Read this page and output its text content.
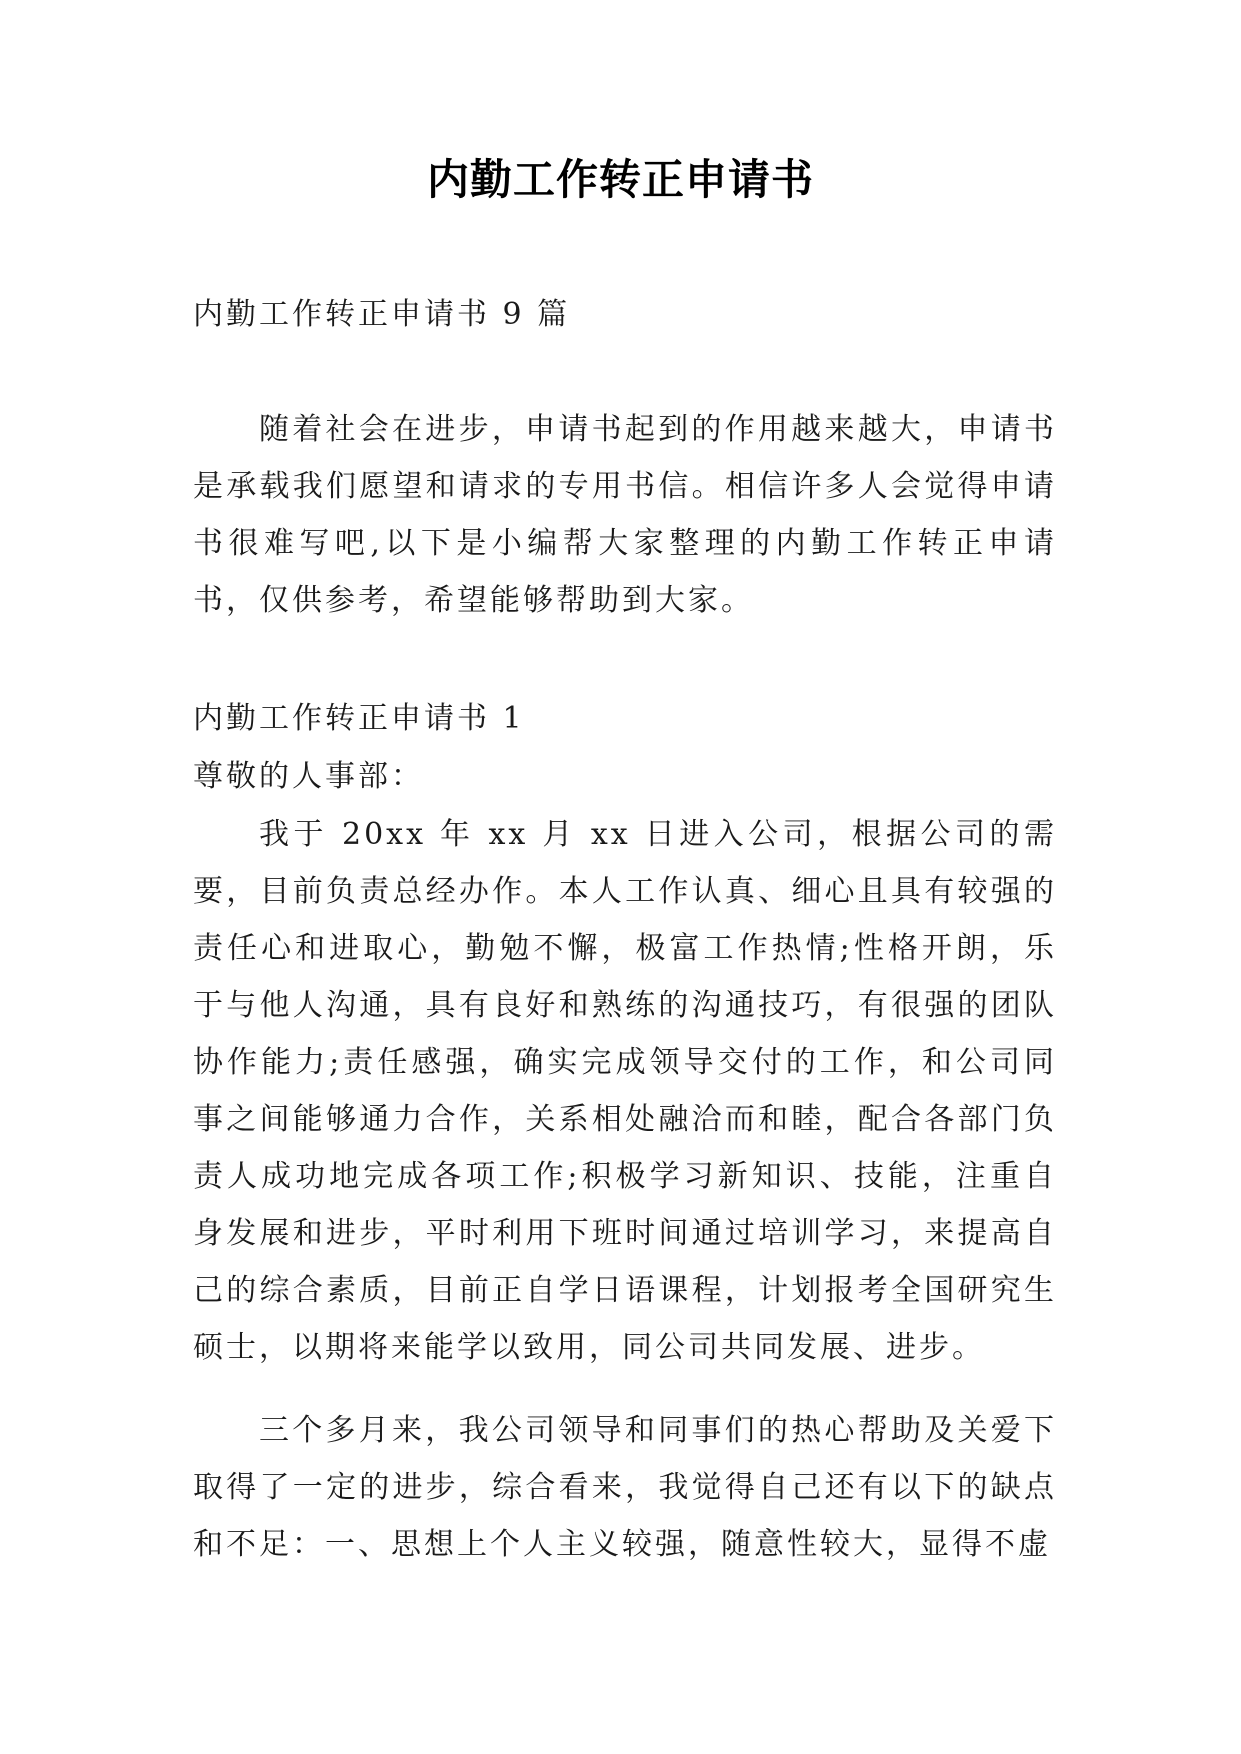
内勤工作转正申请书

内勤工作转正申请书 9 篇

随着社会在进步，申请书起到的作用越来越大，申请书是承载我们愿望和请求的专用书信。相信许多人会觉得申请书很难写吧,以下是小编帮大家整理的内勤工作转正申请书，仅供参考，希望能够帮助到大家。

内勤工作转正申请书 1

尊敬的人事部：

我于 20xx 年 xx 月 xx 日进入公司，根据公司的需要，目前负责总经办作。本人工作认真、细心且具有较强的责任心和进取心，勤勉不懈，极富工作热情;性格开朗，乐于与他人沟通，具有良好和熟练的沟通技巧，有很强的团队协作能力;责任感强，确实完成领导交付的工作，和公司同事之间能够通力合作，关系相处融洽而和睦，配合各部门负责人成功地完成各项工作;积极学习新知识、技能，注重自身发展和进步，平时利用下班时间通过培训学习，来提高自己的综合素质，目前正自学日语课程，计划报考全国研究生硕士，以期将来能学以致用，同公司共同发展、进步。

三个多月来，我公司领导和同事们的热心帮助及关爱下取得了一定的进步，综合看来，我觉得自己还有以下的缺点和不足：一、思想上个人主义较强，随意性较大，显得不虚
